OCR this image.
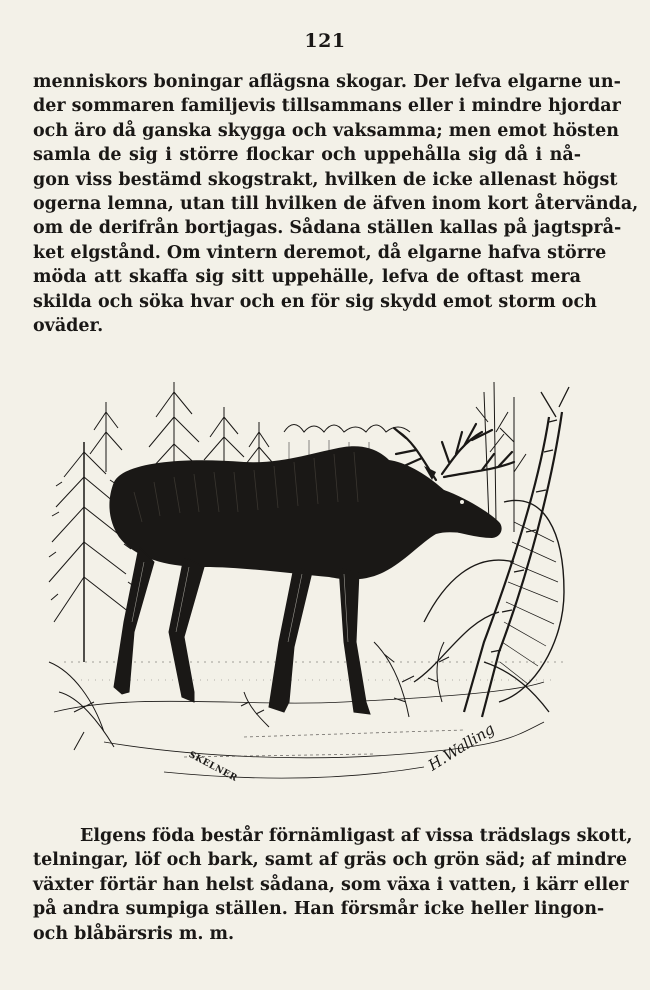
121

menniskors boningar aflägsna skogar. Der lefva elgarne un-
der sommaren familjevis tillsammans eller i mindre hjordar
och äro då ganska skygga och vaksamma; men emot hösten
samla de sig i större flockar och uppehålla sig då i nå-
gon viss bestämd skogstrakt, hvilken de icke allenast högst
ogerna lemna, utan till hvilken de äfven inom kort återvända,
om de derifrån bortjagas. Sådana ställen kallas på jagtsprå-
ket elgstånd. Om vintern deremot, då elgarne hafva större
möda att skaffa sig sitt uppehälle, lefva de oftast mera
skilda och söka hvar och en för sig skydd emot storm och
oväder.

SKELNER	H.Walling

Elgens föda består förnämligast af vissa trädslags skott,
telningar, löf och bark, samt af gräs och grön säd; af mindre
växter förtär han helst sådana, som växa i vatten, i kärr eller
på andra sumpiga ställen. Han försmår icke heller lingon-
och blåbärsris m. m.
